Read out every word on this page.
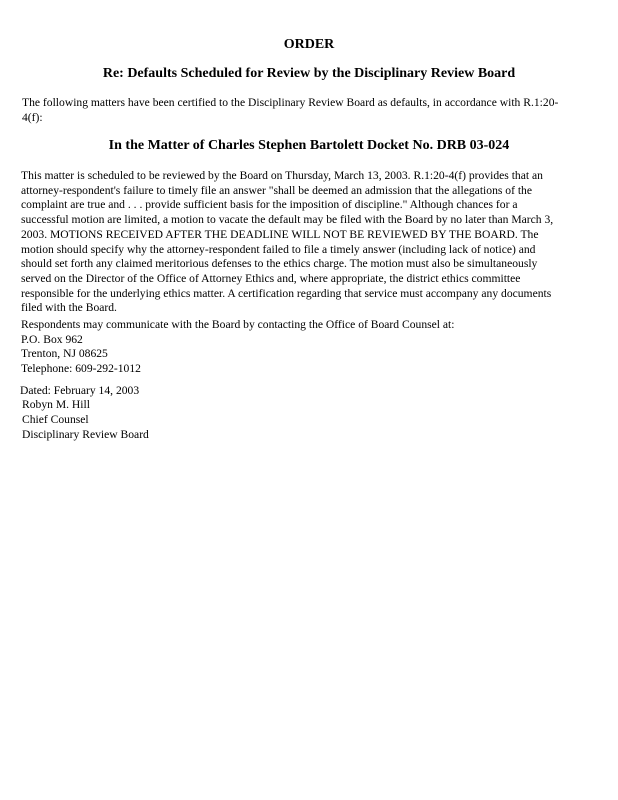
ORDER
Re: Defaults Scheduled for Review by the Disciplinary Review Board

The following matters have been certified to the Disciplinary Review Board as defaults, in accordance with R.1:20-
4(f):

In the Matter of Charles Stephen Bartolett Docket No. DRB 03-024

This matter is scheduled to be reviewed by the Board on Thursday, March 13, 2003. R.1:20-4(f) provides that an
attorney-respondent's failure to timely file an answer "shall be deemed an admission that the allegations of the
complaint are true and . . . provide sufficient basis for the imposition of discipline." Although chances for a
successful motion are limited, a motion to vacate the default may be filed with the Board by no later than March 3,
2003. MOTIONS RECEIVED AFTER THE DEADLINE WILL NOT BE REVIEWED BY THE BOARD. The
motion should specify why the attorney-respondent failed to file a timely answer (including lack of notice) and
should set forth any claimed meritorious defenses to the ethics charge. The motion must also be simultaneously
served on the Director of the Office of Attorney Ethics and, where appropriate, the district ethics committee
responsible for the underlying ethics matter. A certification regarding that service must accompany any documents
filed with the Board.

Respondents may communicate with the Board by contacting the Office of Board Counsel at:
P.O. Box 962
Trenton, NJ 08625
Telephone: 609-292-1012

Dated: February 14, 2003

Robyn M. Hill

Chief Counsel

Disciplinary Review Board
